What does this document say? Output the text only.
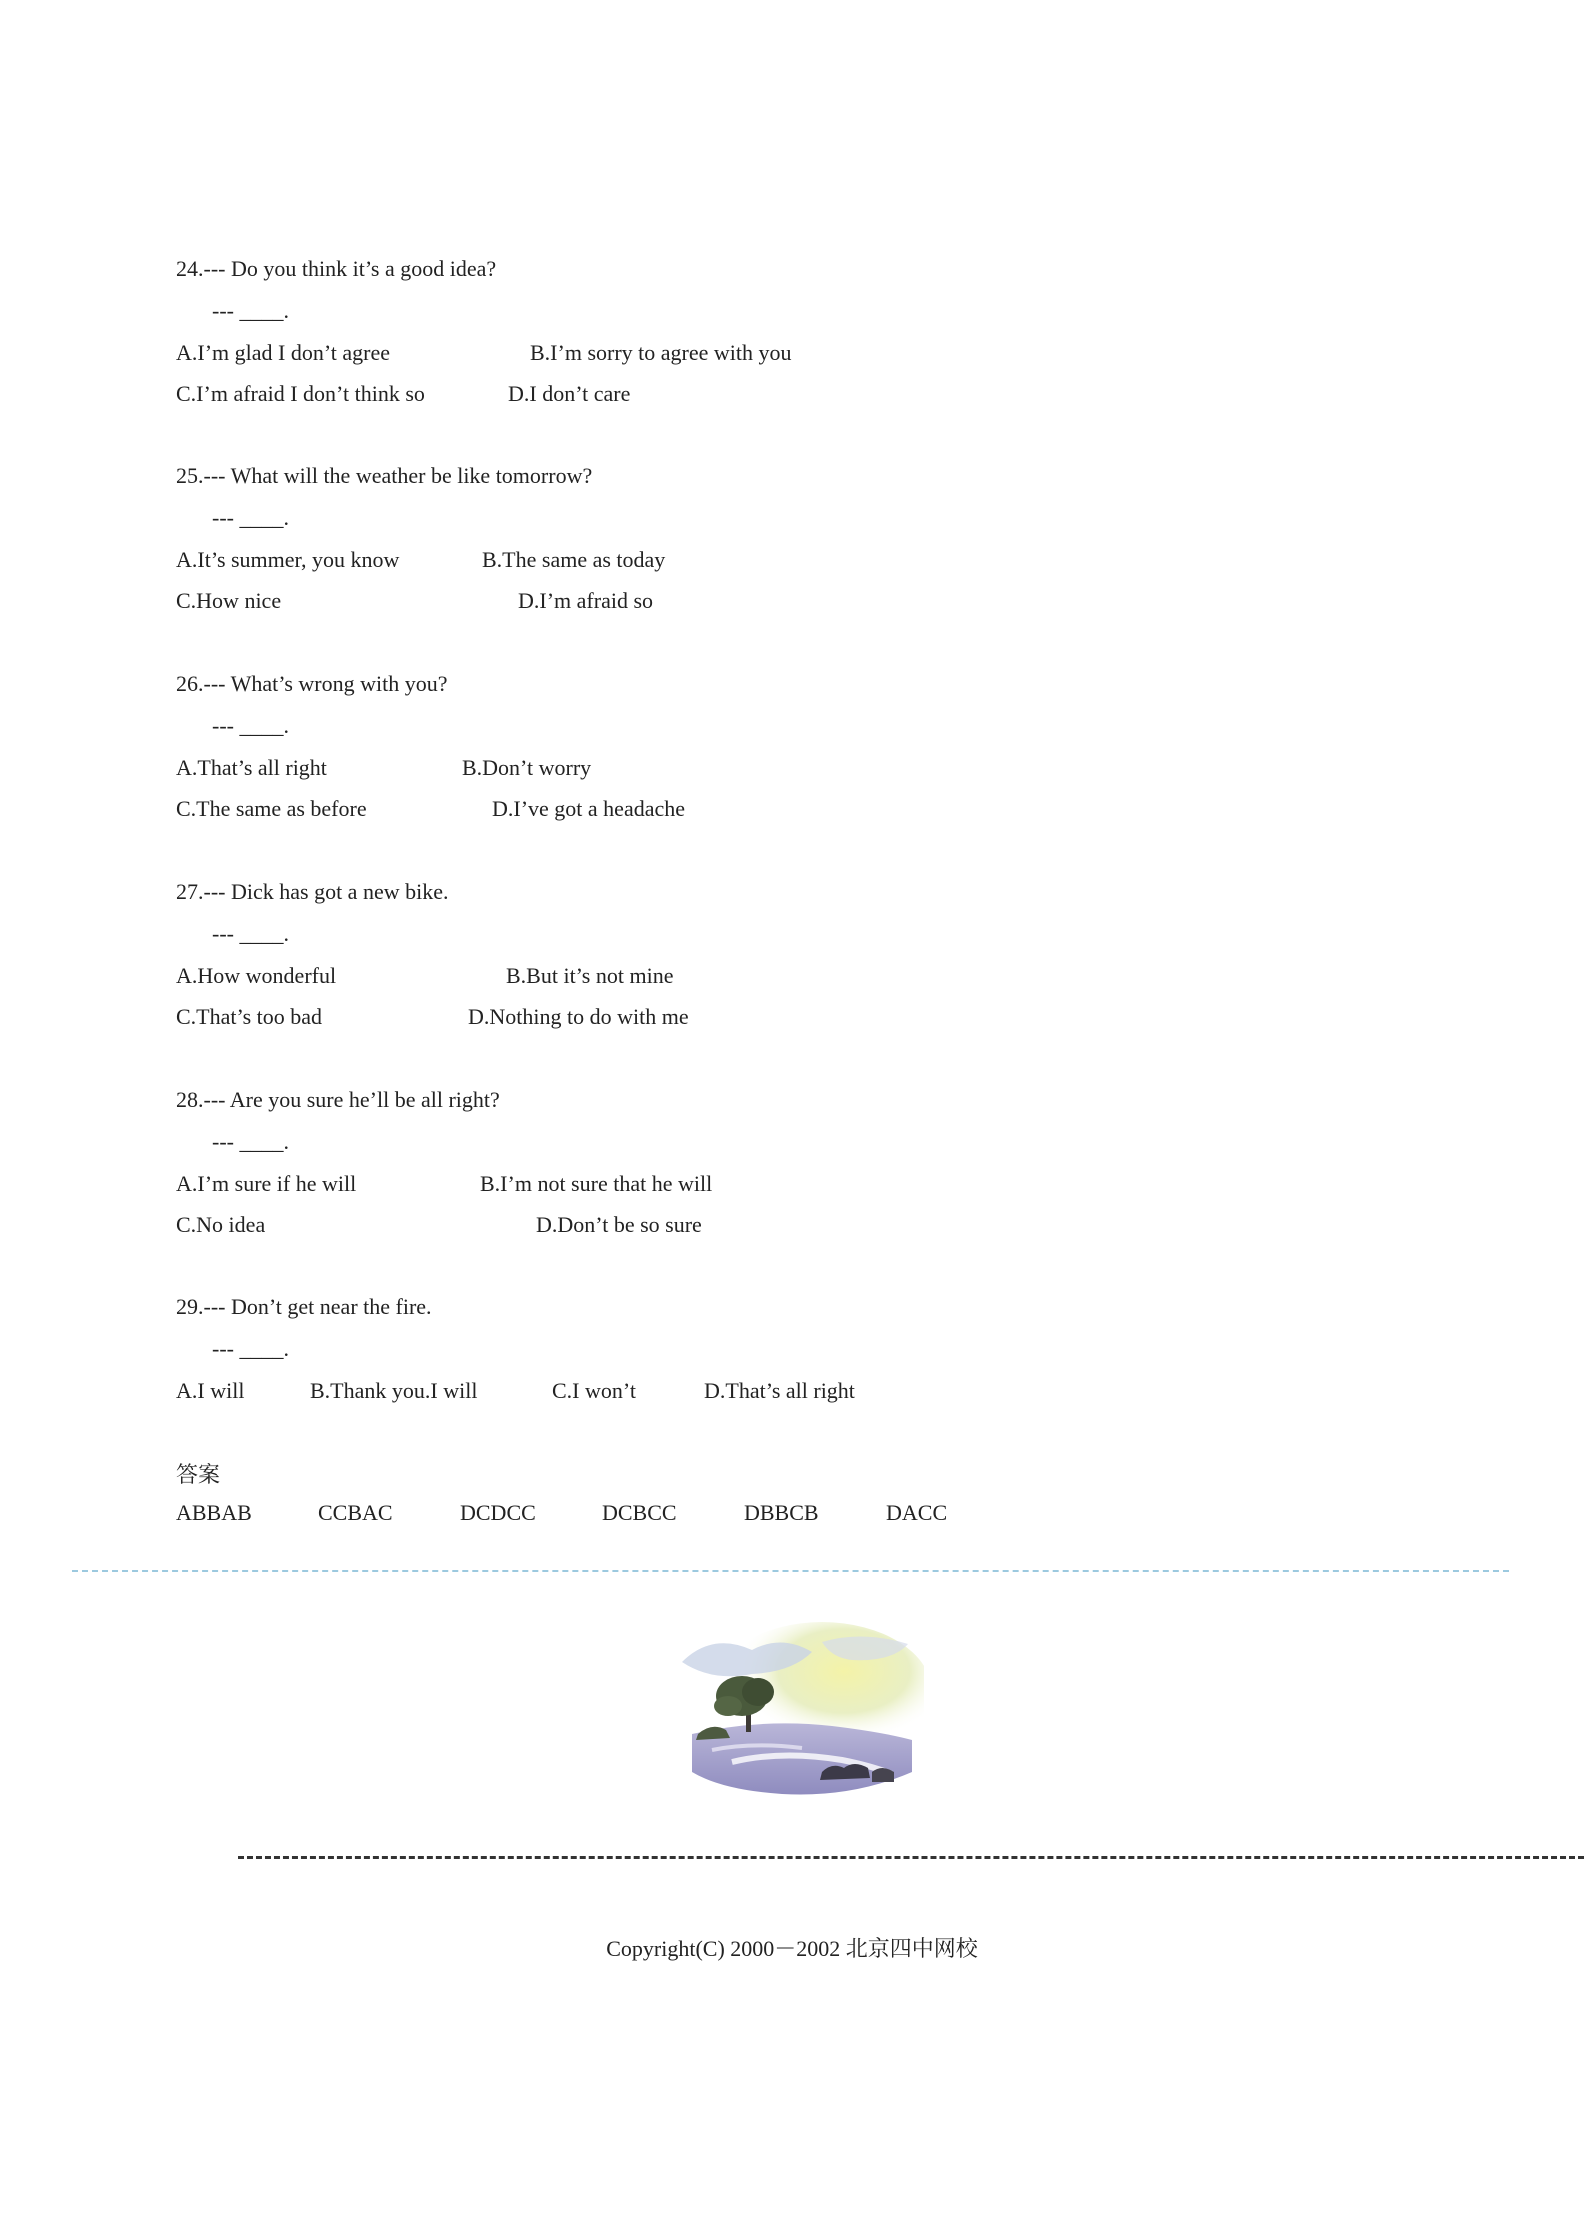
24.--- Do you think it’s a good idea?
--- ____.
A.I’m glad I don’t agree	B.I’m sorry to agree with you
C.I’m afraid I don’t think so	D.I don’t care
25.--- What will the weather be like tomorrow?
--- ____.
A.It’s summer, you know	B.The same as today
C.How nice	D.I’m afraid so
26.--- What’s wrong with you?
--- ____.
A.That’s all right	B.Don’t worry
C.The same as before	D.I’ve got a headache
27.--- Dick has got a new bike.
--- ____.
A.How wonderful	B.But it’s not mine
C.That’s too bad	D.Nothing to do with me
28.--- Are you sure he’ll be all right?
--- ____.
A.I’m sure if he will	B.I’m not sure that he will
C.No idea	D.Don’t be so sure
29.--- Don’t get near the fire.
--- ____.
A.I will	B.Thank you.I will	C.I won’t	D.That’s all right
答案
ABBAB	CCBAC	DCDCC	DCBCC	DBBCB	DACC
Copyright(C) 2000－2002 北京四中网校
